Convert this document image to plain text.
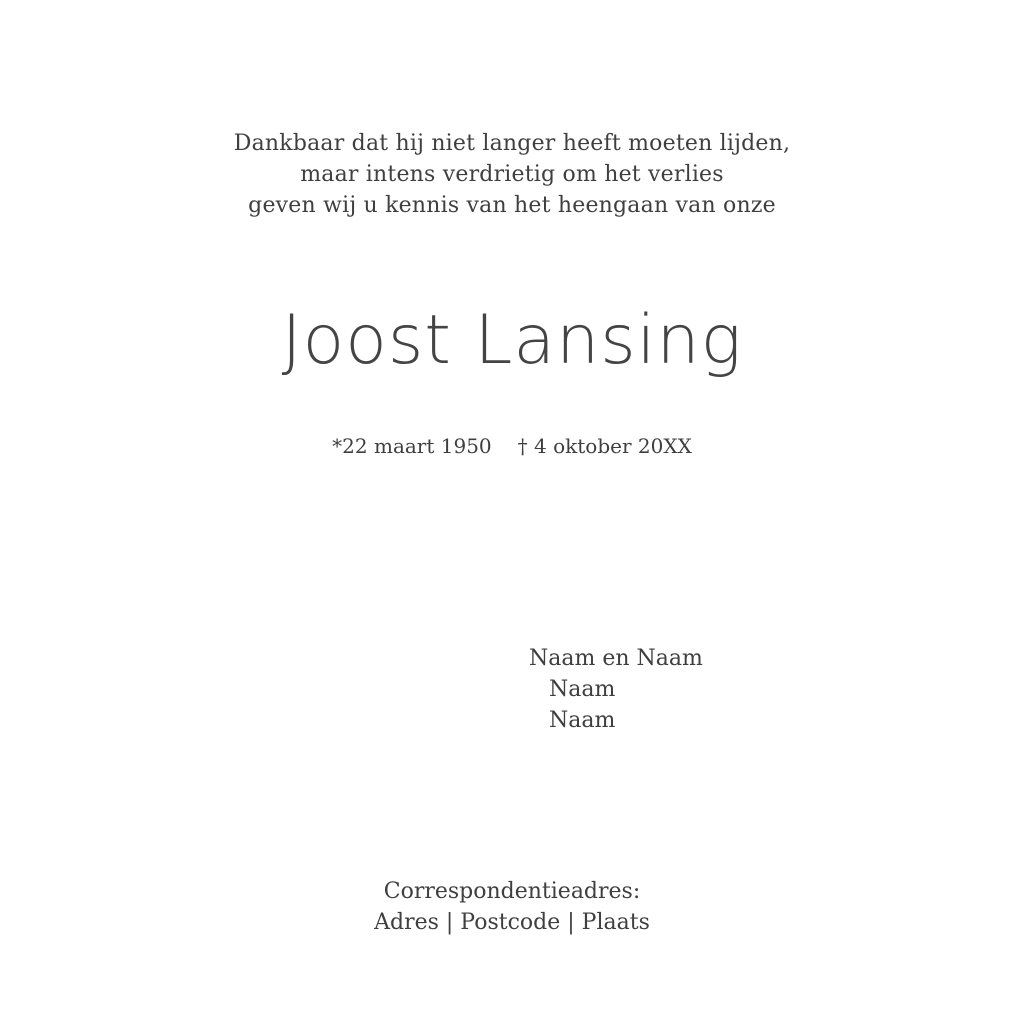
Dankbaar dat hij niet langer heeft moeten lijden,
maar intens verdrietig om het verlies
geven wij u kennis van het heengaan van onze
Joost Lansing
*22 maart 1950 † 4 oktober 20XX
Naam en Naam
Naam
Naam
Correspondentieadres:
Adres | Postcode | Plaats
